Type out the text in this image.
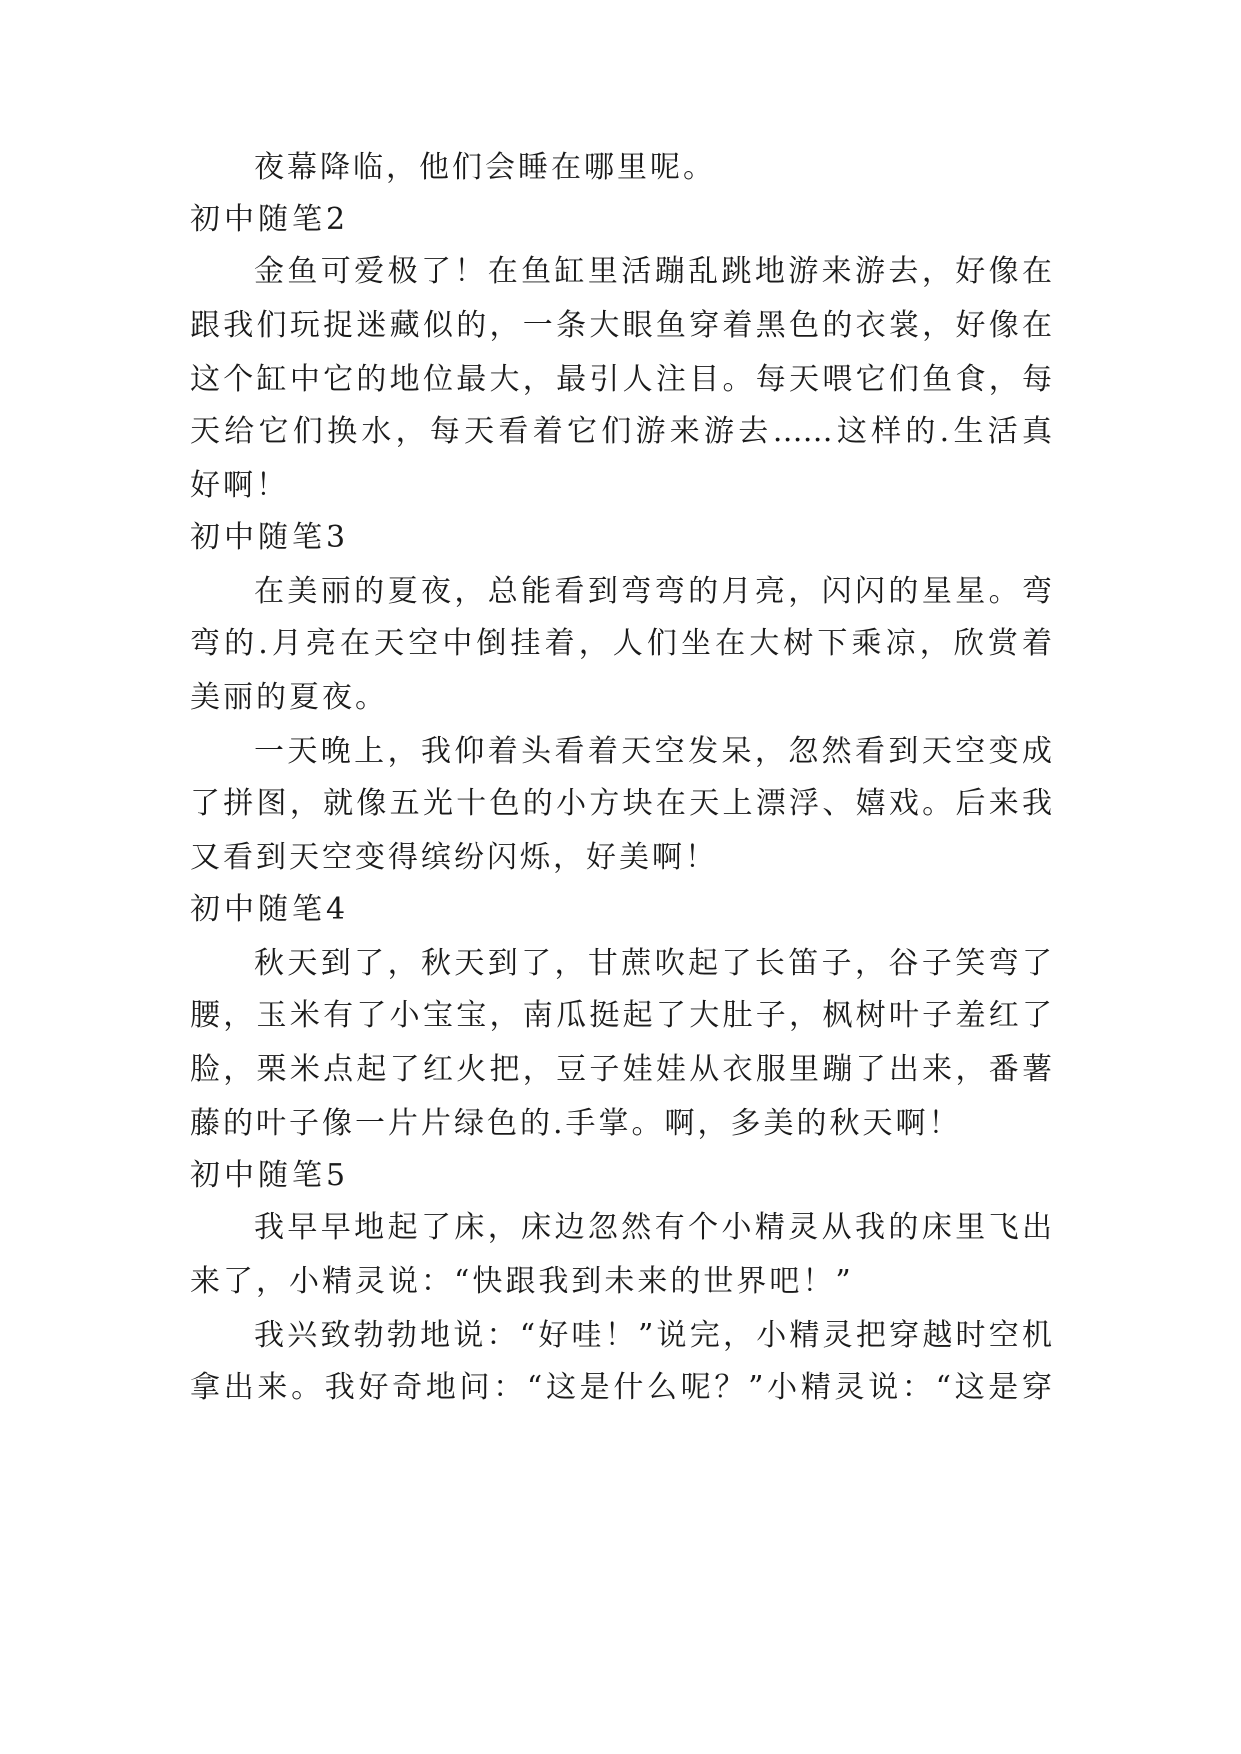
夜幕降临，他们会睡在哪里呢。
初中随笔2
金鱼可爱极了！在鱼缸里活蹦乱跳地游来游去，好像在
跟我们玩捉迷藏似的，一条大眼鱼穿着黑色的衣裳，好像在
这个缸中它的地位最大，最引人注目。每天喂它们鱼食，每
天给它们换水，每天看着它们游来游去……这样的.生活真
好啊！
初中随笔3
在美丽的夏夜，总能看到弯弯的月亮，闪闪的星星。弯
弯的.月亮在天空中倒挂着，人们坐在大树下乘凉，欣赏着
美丽的夏夜。
一天晚上，我仰着头看着天空发呆，忽然看到天空变成
了拼图，就像五光十色的小方块在天上漂浮、嬉戏。后来我
又看到天空变得缤纷闪烁，好美啊！
初中随笔4
秋天到了，秋天到了，甘蔗吹起了长笛子，谷子笑弯了
腰，玉米有了小宝宝，南瓜挺起了大肚子，枫树叶子羞红了
脸，栗米点起了红火把，豆子娃娃从衣服里蹦了出来，番薯
藤的叶子像一片片绿色的.手掌。啊，多美的秋天啊！
初中随笔5
我早早地起了床，床边忽然有个小精灵从我的床里飞出
来了，小精灵说：“快跟我到未来的世界吧！”
我兴致勃勃地说：“好哇！”说完，小精灵把穿越时空机
拿出来。我好奇地问：“这是什么呢？”小精灵说：“这是穿
